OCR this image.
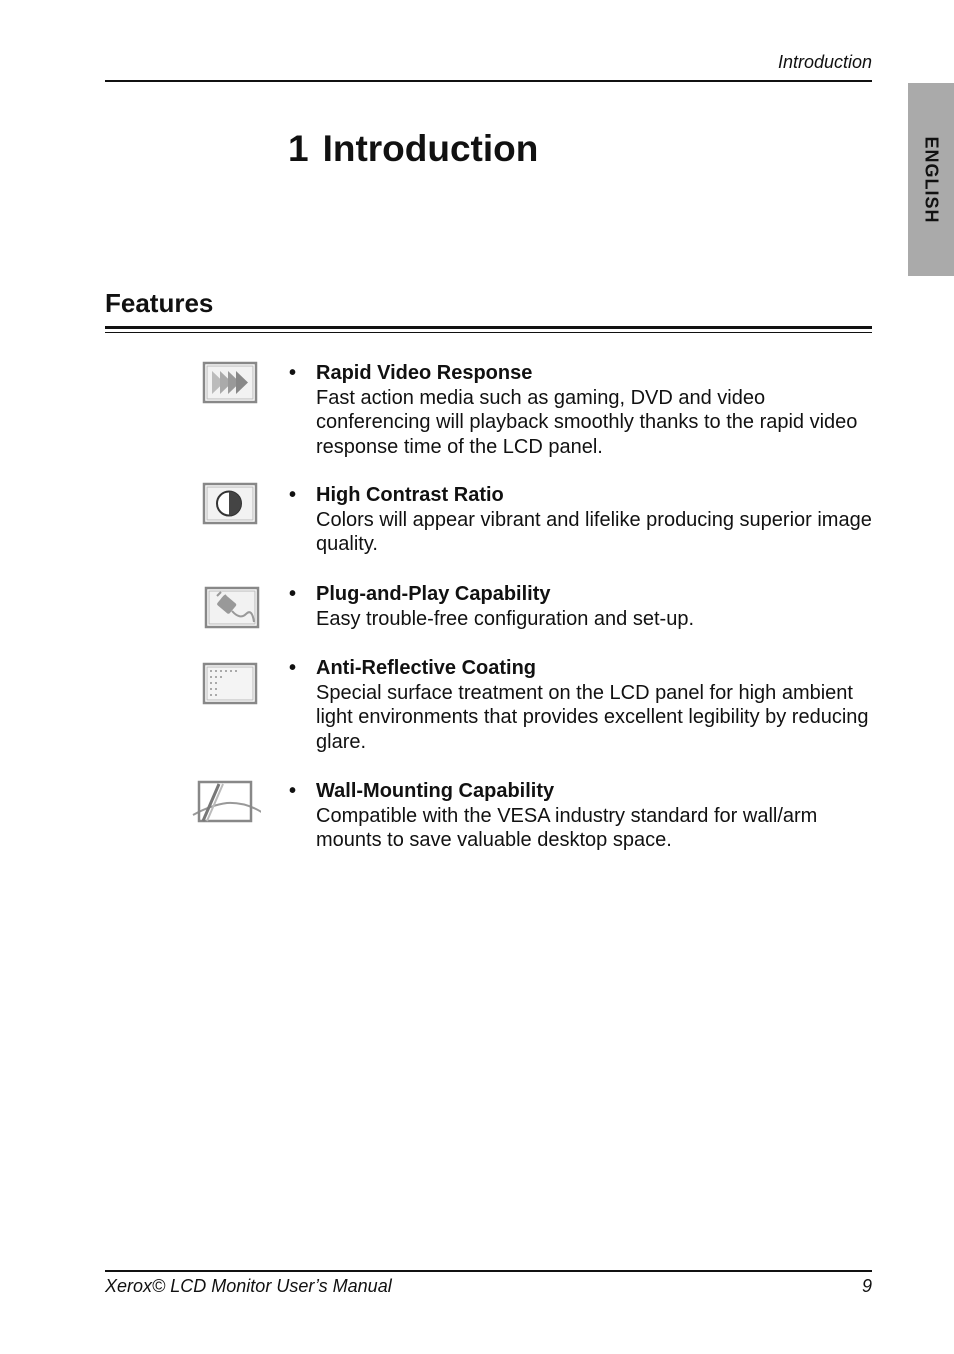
Introduction
ENGLISH
1 Introduction
Features
• Rapid Video Response
Fast action media such as gaming, DVD and video conferencing will playback smoothly thanks to the rapid video response time of the LCD panel.
• High Contrast Ratio
Colors will appear vibrant and lifelike producing superior image quality.
• Plug-and-Play Capability
Easy trouble-free configuration and set-up.
• Anti-Reflective Coating
Special surface treatment on the LCD panel for high ambient light environments that provides excellent legibility by reducing glare.
• Wall-Mounting Capability
Compatible with the VESA industry standard for wall/arm mounts to save valuable desktop space.
Xerox© LCD Monitor User’s Manual	9
